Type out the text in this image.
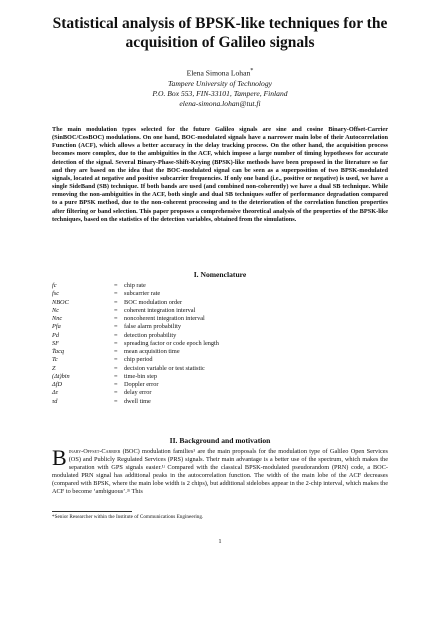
Statistical analysis of BPSK-like techniques for the
acquisition of Galileo signals
Elena Simona Lohan*
Tampere University of Technology
P.O. Box 553, FIN-33101, Tampere, Finland
elena-simona.lohan@tut.fi
The main modulation types selected for the future Galileo signals are sine and cosine Binary-Offset-Carrier (SinBOC/CosBOC) modulations. On one hand, BOC-modulated signals have a narrower main lobe of their Autocorrelation Function (ACF), which allows a better accuracy in the delay tracking process. On the other hand, the acquisition process becomes more complex, due to the ambiguities in the ACF, which impose a large number of timing hypotheses for accurate detection of the signal. Several Binary-Phase-Shift-Keying (BPSK)-like methods have been proposed in the literature so far and they are based on the idea that the BOC-modulated signal can be seen as a superposition of two BPSK-modulated signals, located at negative and positive subcarrier frequencies. If only one band (i.e., positive or negative) is used, we have a single SideBand (SB) technique. If both bands are used (and combined non-coherently) we have a dual SB technique. While removing the non-ambiguities in the ACF, both single and dual SB techniques suffer of performance degradation compared to a pure BPSK method, due to the non-coherent processing and to the deterioration of the correlation function properties after filtering or band selection. This paper proposes a comprehensive theoretical analysis of the properties of the BPSK-like techniques, based on the statistics of the detection variables, obtained from the simulations.
I. Nomenclature
fc	=	chip rate
fsc	=	subcarrier rate
NBOC	=	BOC modulation order
Nc	=	coherent integration interval
Nnc	=	noncoherent integration interval
Pfa	=	false alarm probability
Pd	=	detection probability
SF	=	spreading factor or code epoch length
T̄acq	=	mean acquisition time
Tc	=	chip period
Z	=	decision variable or test statistic
(Δt)bin	=	time-bin step
ΔfD	=	Doppler error
Δτ	=	delay error
τd	=	dwell time
II. Background and motivation
Binary-Offset-Carrier (BOC) modulation families¹ are the main proposals for the modulation type of Galileo Open Services (OS) and Publicly Regulated Services (PRS) signals. Their main advantage is a better use of the spectrum, which makes the separation with GPS signals easier.¹ʲ Compared with the classical BPSK-modulated pseudorandom (PRN) code, a BOC-modulated PRN signal has additional peaks in the autocorrelation function. The width of the main lobe of the ACF decreases (compared with BPSK, where the main lobe width is 2 chips), but additional sidelobes appear in the 2-chip interval, which makes the ACF to become ‘ambiguous’.³ʴ This
*Senior Researcher within the Institute of Communications Engineering.
1
